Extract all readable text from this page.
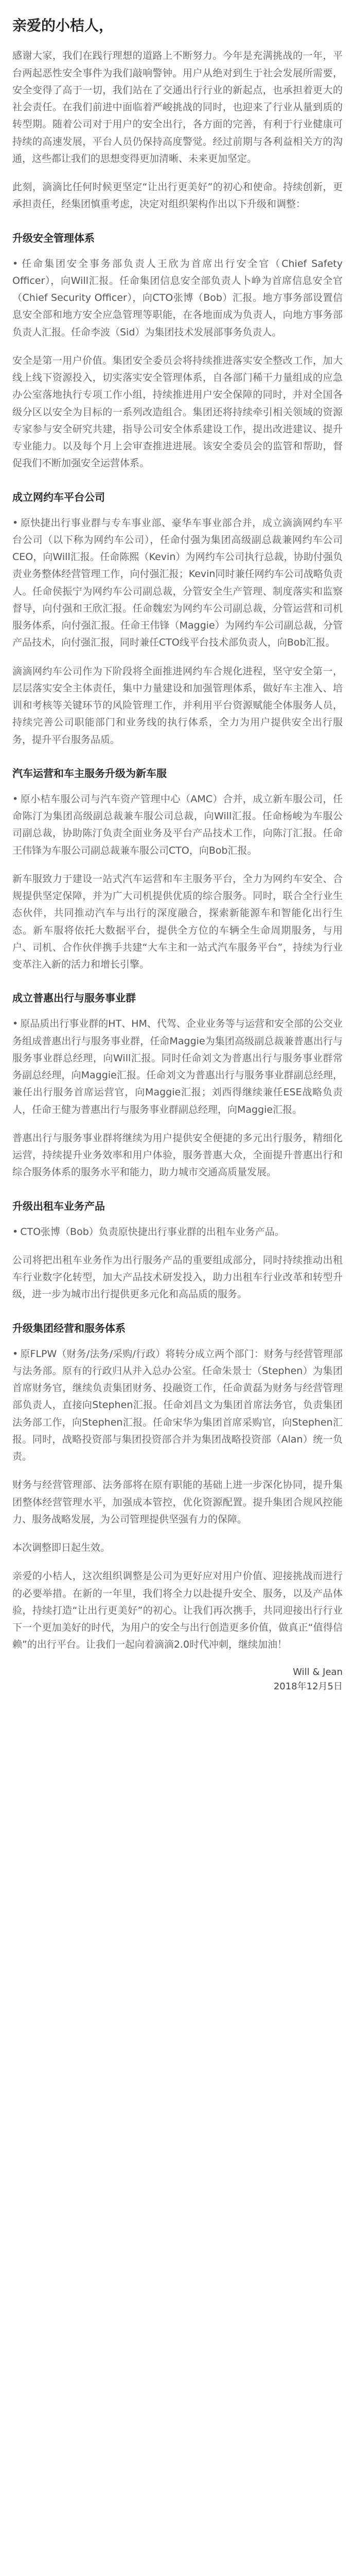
亲爱的小桔人，

感谢大家，我们在践行理想的道路上不断努力。今年是充满挑战的一年，平台两起恶性安全事件为我们敲响警钟。用户从绝对到生于社会发展所需要，安全变得了高于一切，我们站在了交通出行行业的新起点，也承担着更大的社会责任。在我们前进中面临着严峻挑战的同时，也迎来了行业从量到质的转型期。随着公司对于用户的安全出行，各方面的完善，有利于行业健康可持续的高速发展，平台人员仍保持高度警觉。经过前期与各利益相关方的沟通，这些都让我们的思想变得更加清晰、未来更加坚定。

此刻，滴滴比任何时候更坚定“让出行更美好”的初心和使命。持续创新，更承担责任，经集团慎重考虑，决定对组织架构作出以下升级和调整：

升级安全管理体系

• 任命集团安全事务部负责人王欣为首席出行安全官（Chief Safety Officer），向Will汇报。任命集团信息安全部负责人卜峥为首席信息安全官（Chief Security Officer），向CTO张博（Bob）汇报。地方事务部设置信息安全部和地方安全应急管理等职能，在各地面成为负责人，向地方事务部负责人汇报。任命李波（Sid）为集团技术发展部事务负责人。

安全是第一用户价值。集团安全委员会将持续推进落实安全整改工作，加大线上线下资源投入，切实落实安全管理体系，自各部门稀干力量组成的应急办公室落地执行专项工作小组，持续推进用户安全保障的同时，并对全国各级分区以安全为目标的一系列改造组合。集团还将持续牵引相关领域的资源专家参与安全研究共建，指导公司安全体系建设工作，提出改进建议、提升专业能力。以及每个月上会审查推进进展。该安全委员会的监管和帮助，督促我们不断加强安全运营体系。

成立网约车平台公司

• 原快捷出行事业群与专车事业部、豪华车事业部合并，成立滴滴网约车平台公司（以下称为网约车公司），任命付强为集团高级副总裁兼网约车公司CEO，向Will汇报。任命陈熙（Kevin）为网约车公司执行总裁，协助付强负责业务整体经营管理工作，向付强汇报；Kevin同时兼任网约车公司战略负责人。任命侯振宁为网约车公司副总裁，分管安全生产管理、制度落实和监察督导，向付强和王欣汇报。任命魏宏为网约车公司副总裁，分管运营和司机服务体系，向付强汇报。任命王伟锋（Maggie）为网约车公司副总裁，分管产品技术，向付强汇报，同时兼任CTO线平台技术部负责人，向Bob汇报。

滴滴网约车公司作为下阶段将全面推进网约车合规化进程，坚守安全第一，层层落实安全主体责任，集中力量建设和加强管理体系，做好车主准入、培训和考核等关键环节的风险管理工作，并利用平台资源赋能全体服务人员，持续完善公司职能部门和业务线的执行体系，全力为用户提供安全出行服务，提升平台服务品质。

汽车运营和车主服务升级为新车服

• 原小桔车服公司与汽车资产管理中心（AMC）合并，成立新车服公司，任命陈汀为集团高级副总裁兼车服公司总裁，向Will汇报。任命杨峻为车服公司副总裁，协助陈汀负责全面业务及平台产品技术工作，向陈汀汇报。任命王伟锋为车服公司副总裁兼车服公司CTO，向Bob汇报。

新车服致力于建设一站式汽车运营和车主服务平台，全力为网约车安全、合规提供坚定保障，并为广大司机提供优质的综合服务。同时，联合全行业生态伙伴，共同推动汽车与出行的深度融合，探索新能源车和智能化出行生态。新车服将依托大数据平台，提供全方位的车辆全生命周期服务，与用户、司机、合作伙伴携手共建“大车主和一站式汽车服务平台”，持续为行业变革注入新的活力和增长引擎。

成立普惠出行与服务事业群

• 原品质出行事业群的HT、HM、代驾、企业业务等与运营和安全部的公交业务组成普惠出行与服务事业群，任命Maggie为集团高级副总裁兼普惠出行与服务事业群总经理，向Will汇报。同时任命刘文为普惠出行与服务事业群常务副总经理，向Maggie汇报。任命刘文为普惠出行与服务事业群副总经理，兼任出行服务首席运营官，向Maggie汇报；刘西得继续兼任ESE战略负责人，任命王健为普惠出行与服务事业群副总经理，向Maggie汇报。

普惠出行与服务事业群将继续为用户提供安全便捷的多元出行服务，精细化运营，持续提升业务效率和用户体验，服务普惠大众，全面提升普惠出行和综合服务体系的服务水平和能力，助力城市交通高质量发展。

升级出租车业务产品

• CTO张博（Bob）负责原快捷出行事业群的出租车业务产品。

公司将把出租车业务作为出行服务产品的重要组成部分，同时持续推动出租车行业数字化转型，加大产品技术研发投入，助力出租车行业改革和转型升级，进一步为城市出行提供更多元化和高品质的服务。

升级集团经营和服务体系

• 原FLPW（财务/法务/采购/行政）将转分成立两个部门：财务与经营管理部与法务部。原有的行政归从并入总办公室。任命朱景士（Stephen）为集团首席财务官，继续负责集团财务、投融资工作，任命黄磊为财务与经营管理部负责人，直接向Stephen汇报。任命刘昌文为集团首席法务官，负责集团法务部工作，向Stephen汇报。任命宋华为集团首席采购官，向Stephen汇报。同时，战略投资部与集团投资部合并为集团战略投资部（Alan）统一负责。

财务与经营管理部、法务部将在原有职能的基础上进一步深化协同，提升集团整体经营管理水平，加强成本管控，优化资源配置。提升集团合规风控能力、服务战略发展，为公司管理提供坚强有力的保障。

本次调整即日起生效。

亲爱的小桔人，这次组织调整是公司为更好应对用户价值、迎接挑战而进行的必要举措。在新的一年里，我们将全力以赴提升安全、服务，以及产品体验，持续打造“让出行更美好”的初心。让我们再次携手，共同迎接出行行业下一个更加美好的时代，为用户的安全与出行创造更多价值，做真正“值得信赖”的出行平台。让我们一起向着滴滴2.0时代冲刺，继续加油！

Will & Jean
2018年12月5日
